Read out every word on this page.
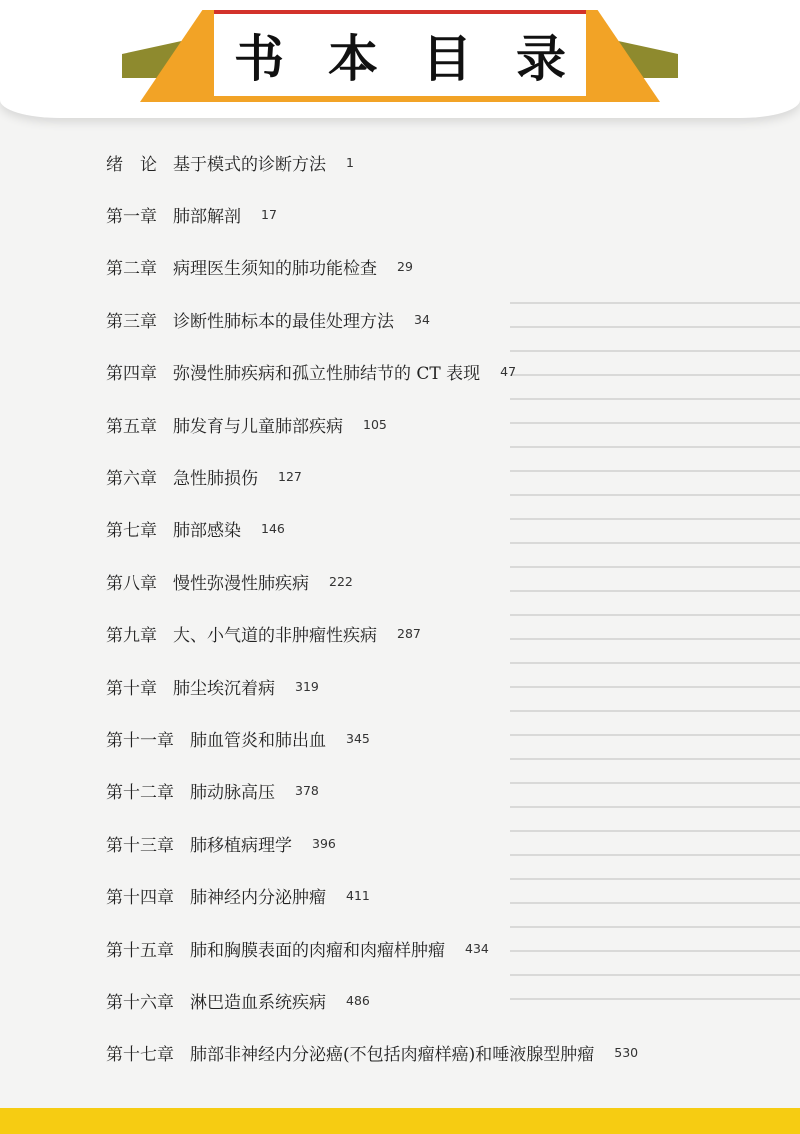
书 本 目 录
绪　论 基于模式的诊断方法 1
第一章 肺部解剖 17
第二章 病理医生须知的肺功能检查 29
第三章 诊断性肺标本的最佳处理方法 34
第四章 弥漫性肺疾病和孤立性肺结节的 CT 表现 47
第五章 肺发育与儿童肺部疾病 105
第六章 急性肺损伤 127
第七章 肺部感染 146
第八章 慢性弥漫性肺疾病 222
第九章 大、小气道的非肿瘤性疾病 287
第十章 肺尘埃沉着病 319
第十一章 肺血管炎和肺出血 345
第十二章 肺动脉高压 378
第十三章 肺移植病理学 396
第十四章 肺神经内分泌肿瘤 411
第十五章 肺和胸膜表面的肉瘤和肉瘤样肿瘤 434
第十六章 淋巴造血系统疾病 486
第十七章 肺部非神经内分泌癌(不包括肉瘤样癌)和唾液腺型肿瘤 530
